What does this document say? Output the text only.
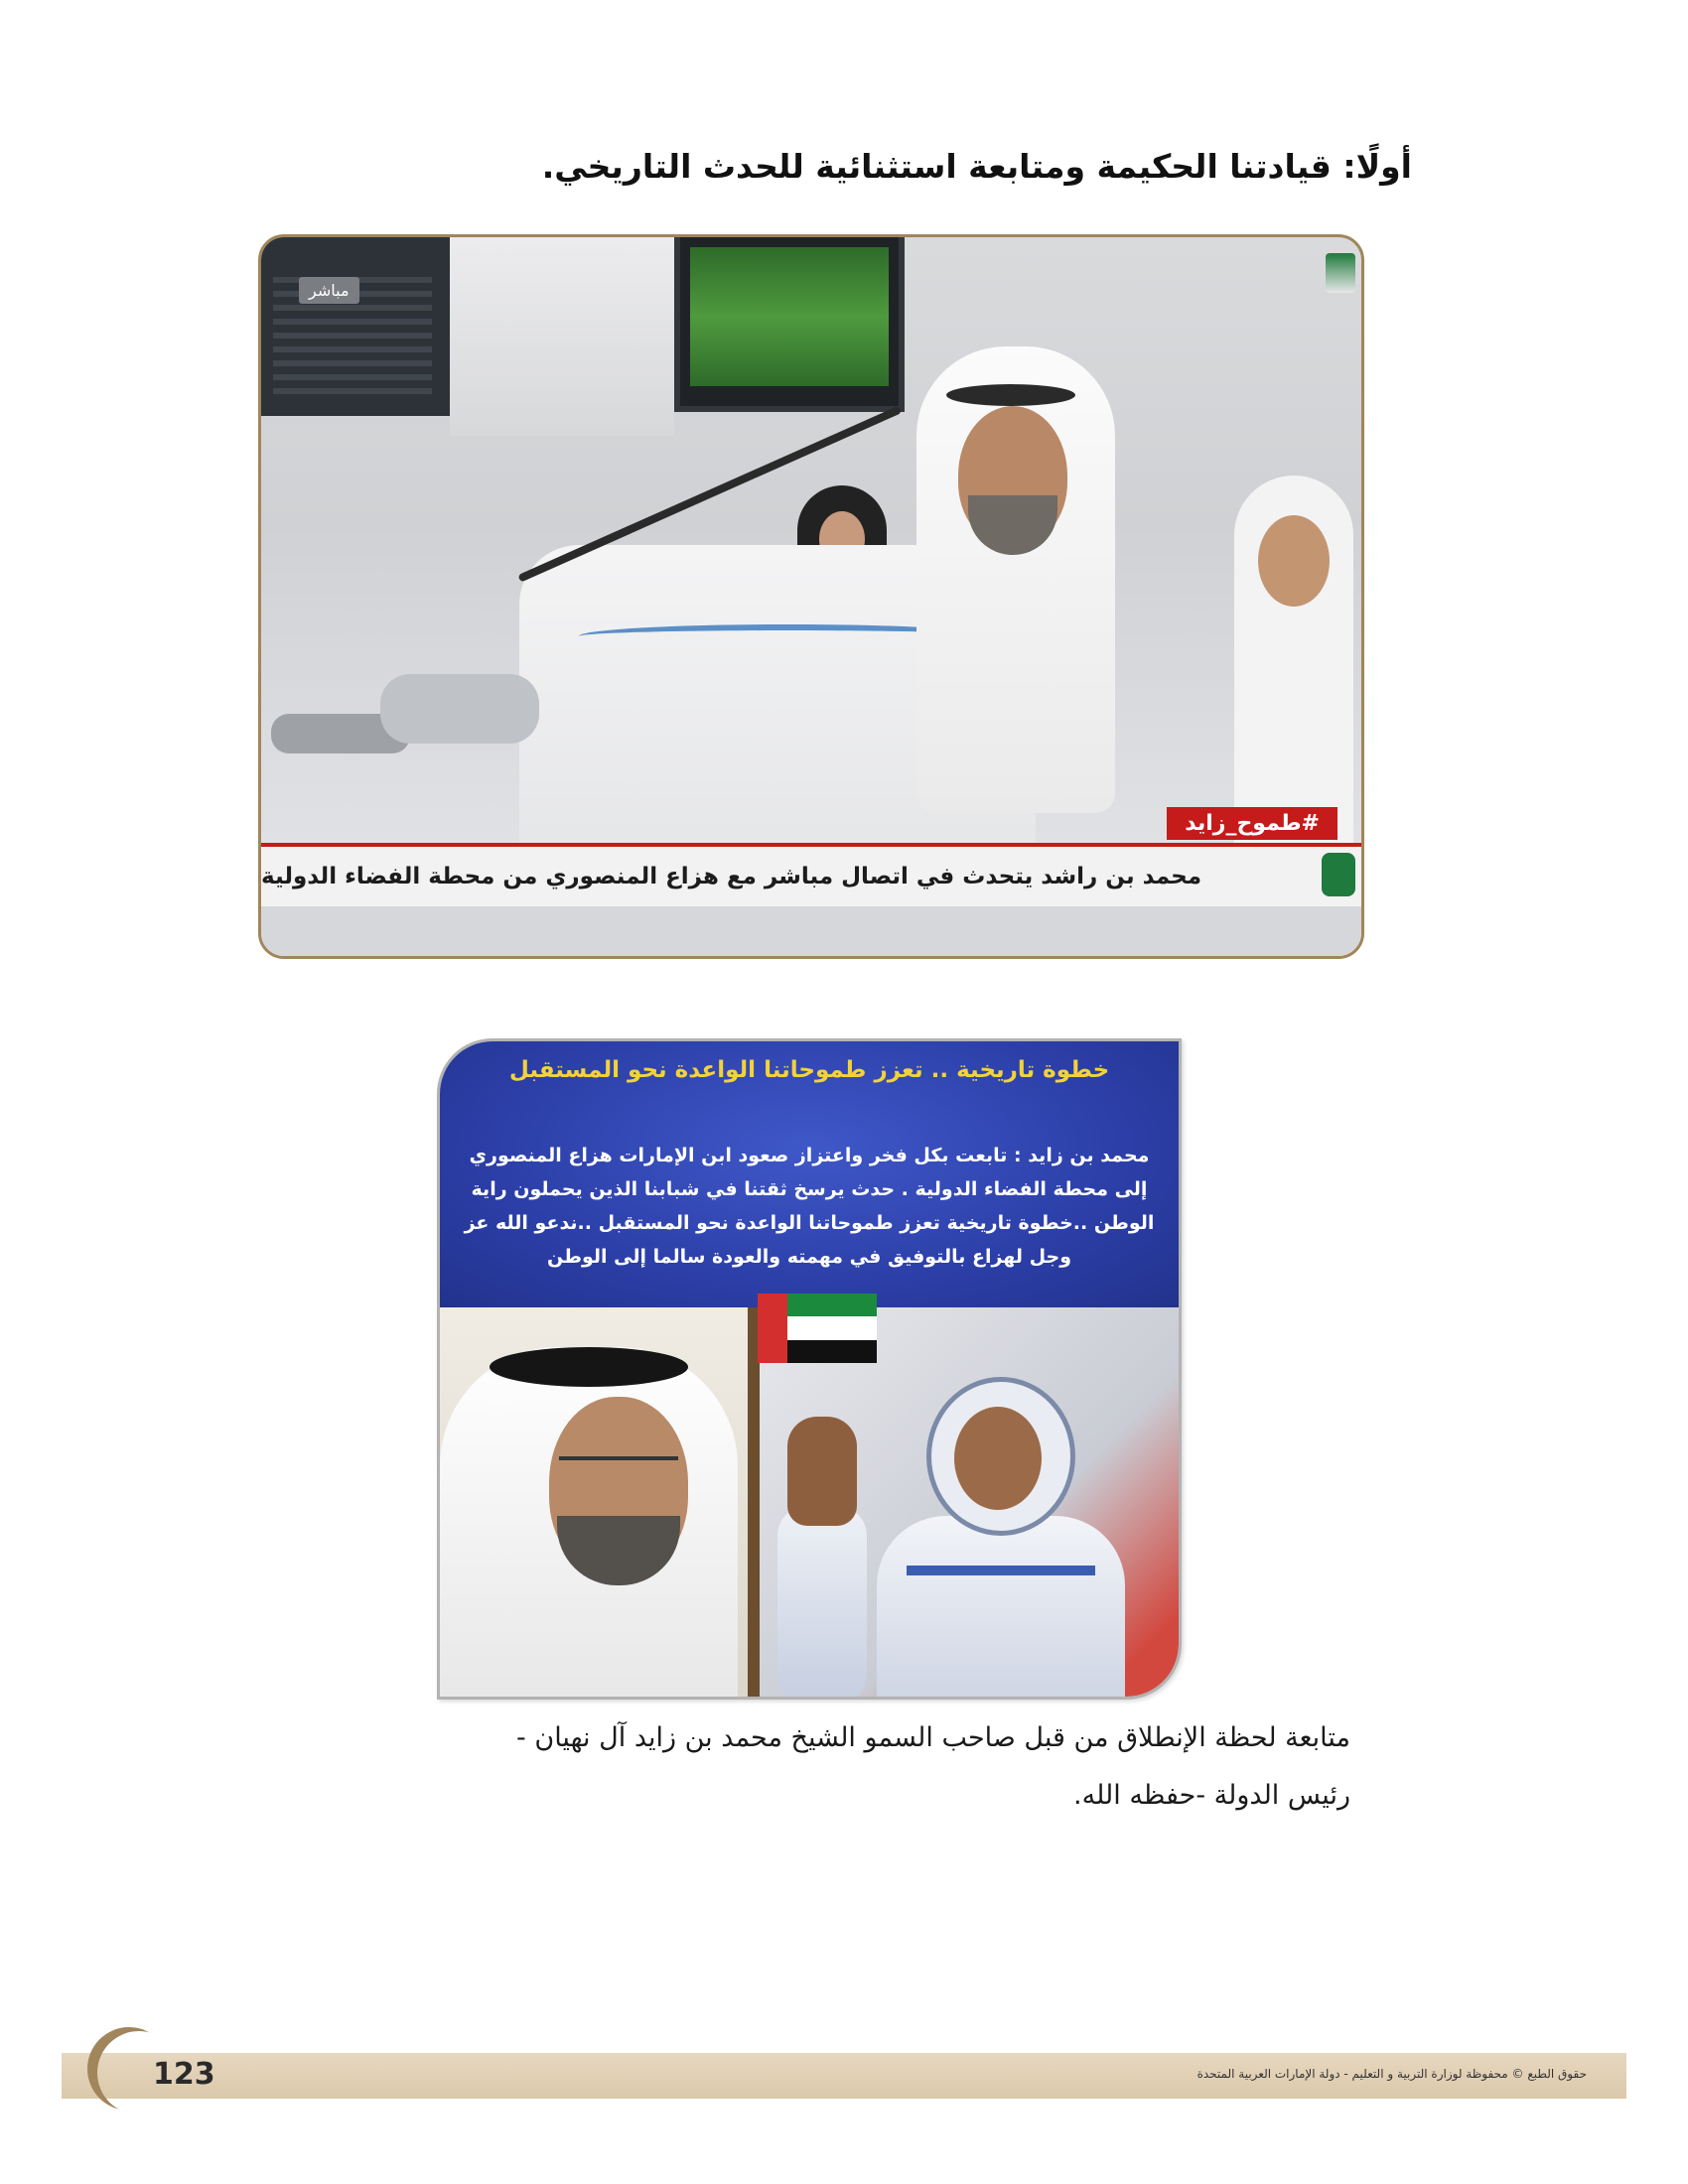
أولًا: قيادتنا الحكيمة ومتابعة استثنائية للحدث التاريخي.
مباشر
#طموح_زايد
محمد بن راشد يتحدث في اتصال مباشر مع هزاع المنصوري من محطة الفضاء الدولية
خطوة تاريخية .. تعزز طموحاتنا الواعدة نحو المستقبل
محمد بن زايد : تابعت بكل فخر واعتزاز صعود ابن الإمارات هزاع المنصوري إلى محطة الفضاء الدولية . حدث يرسخ ثقتنا في شبابنا الذين يحملون راية الوطن ..خطوة تاريخية تعزز طموحاتنا الواعدة نحو المستقبل ..ندعو الله عز وجل لهزاع بالتوفيق في مهمته والعودة سالما إلى الوطن
متابعة لحظة الإنطلاق من قبل صاحب السمو الشيخ محمد بن زايد آل نهيان -
رئيس الدولة -حفظه الله.
123	حقوق الطبع © محفوظة لوزارة التربية و التعليم - دولة الإمارات العربية المتحدة
